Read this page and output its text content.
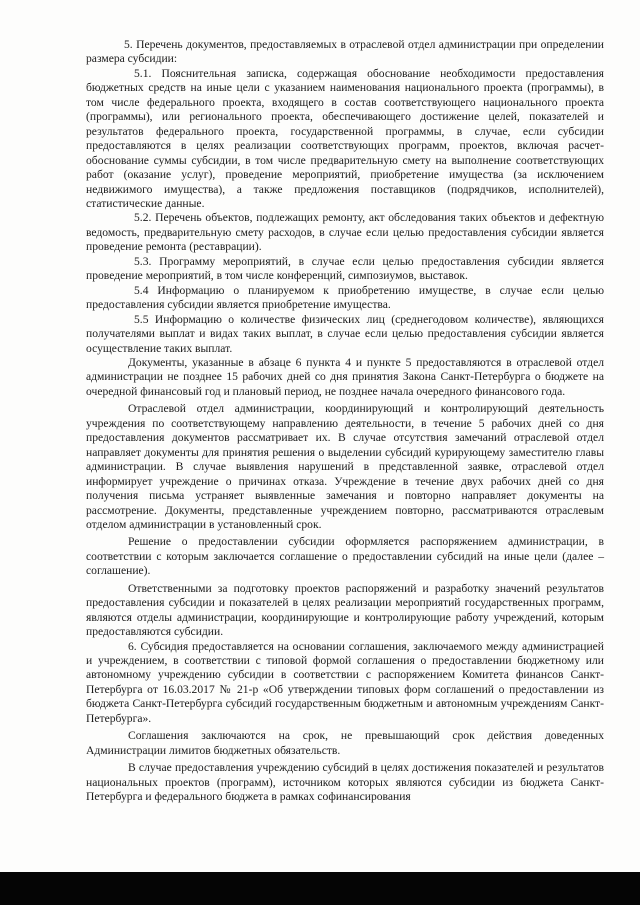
5. Перечень документов, предоставляемых в отраслевой отдел администрации при определении размера субсидии:

5.1. Пояснительная записка, содержащая обоснование необходимости предоставления бюджетных средств на иные цели с указанием наименования национального проекта (программы), в том числе федерального проекта, входящего в состав соответствующего национального проекта (программы), или регионального проекта, обеспечивающего достижение целей, показателей и результатов федерального проекта, государственной программы, в случае, если субсидии предоставляются в целях реализации соответствующих программ, проектов, включая расчет-обоснование суммы субсидии, в том числе предварительную смету на выполнение соответствующих работ (оказание услуг), проведение мероприятий, приобретение имущества (за исключением недвижимого имущества), а также предложения поставщиков (подрядчиков, исполнителей), статистические данные.

5.2. Перечень объектов, подлежащих ремонту, акт обследования таких объектов и дефектную ведомость, предварительную смету расходов, в случае если целью предоставления субсидии является проведение ремонта (реставрации).

5.3. Программу мероприятий, в случае если целью предоставления субсидии является проведение мероприятий, в том числе конференций, симпозиумов, выставок.

5.4 Информацию о планируемом к приобретению имуществе, в случае если целью предоставления субсидии является приобретение имущества.

5.5 Информацию о количестве физических лиц (среднегодовом количестве), являющихся получателями выплат и видах таких выплат, в случае если целью предоставления субсидии является осуществление таких выплат.

Документы, указанные в абзаце 6 пункта 4 и пункте 5 предоставляются в отраслевой отдел администрации не позднее 15 рабочих дней со дня принятия Закона Санкт-Петербурга о бюджете на очередной финансовый год и плановый период, не позднее начала очередного финансового года.

Отраслевой отдел администрации, координирующий и контролирующий деятельность учреждения по соответствующему направлению деятельности, в течение 5 рабочих дней со дня предоставления документов рассматривает их. В случае отсутствия замечаний отраслевой отдел направляет документы для принятия решения о выделении субсидий курирующему заместителю главы администрации. В случае выявления нарушений в представленной заявке, отраслевой отдел информирует учреждение о причинах отказа. Учреждение в течение двух рабочих дней со дня получения письма устраняет выявленные замечания и повторно направляет документы на рассмотрение. Документы, представленные учреждением повторно, рассматриваются отраслевым отделом администрации в установленный срок.

Решение о предоставлении субсидии оформляется распоряжением администрации, в соответствии с которым заключается соглашение о предоставлении субсидий на иные цели (далее – соглашение).

Ответственными за подготовку проектов распоряжений и разработку значений результатов предоставления субсидии и показателей в целях реализации мероприятий государственных программ, являются отделы администрации, координирующие и контролирующие работу учреждений, которым предоставляются субсидии.

6. Субсидия предоставляется на основании соглашения, заключаемого между администрацией и учреждением, в соответствии с типовой формой соглашения о предоставлении бюджетному или автономному учреждению субсидии в соответствии с распоряжением Комитета финансов Санкт-Петербурга от 16.03.2017 № 21-р «Об утверждении типовых форм соглашений о предоставлении из бюджета Санкт-Петербурга субсидий государственным бюджетным и автономным учреждениям Санкт-Петербурга».

Соглашения заключаются на срок, не превышающий срок действия доведенных Администрации лимитов бюджетных обязательств.

В случае предоставления учреждению субсидий в целях достижения показателей и результатов национальных проектов (программ), источником которых являются субсидии из бюджета Санкт-Петербурга и федерального бюджета в рамках софинансирования
